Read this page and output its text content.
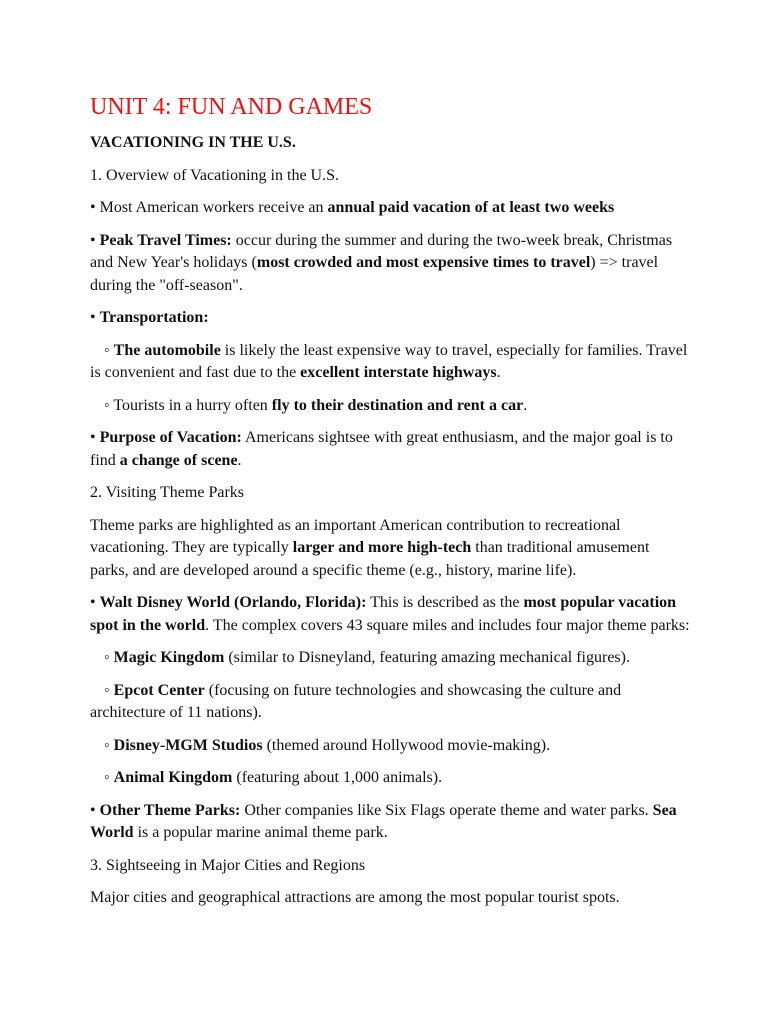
UNIT 4: FUN AND GAMES

VACATIONING IN THE U.S.

1. Overview of Vacationing in the U.S.

• Most American workers receive an annual paid vacation of at least two weeks

• Peak Travel Times: occur during the summer and during the two-week break, Christmas and New Year's holidays (most crowded and most expensive times to travel) => travel during the "off-season".

• Transportation:

◦ The automobile is likely the least expensive way to travel, especially for families. Travel is convenient and fast due to the excellent interstate highways.

◦ Tourists in a hurry often fly to their destination and rent a car.

• Purpose of Vacation: Americans sightsee with great enthusiasm, and the major goal is to find a change of scene.

2. Visiting Theme Parks

Theme parks are highlighted as an important American contribution to recreational vacationing. They are typically larger and more high-tech than traditional amusement parks, and are developed around a specific theme (e.g., history, marine life).

• Walt Disney World (Orlando, Florida): This is described as the most popular vacation spot in the world. The complex covers 43 square miles and includes four major theme parks:

◦ Magic Kingdom (similar to Disneyland, featuring amazing mechanical figures).

◦ Epcot Center (focusing on future technologies and showcasing the culture and architecture of 11 nations).

◦ Disney-MGM Studios (themed around Hollywood movie-making).

◦ Animal Kingdom (featuring about 1,000 animals).

• Other Theme Parks: Other companies like Six Flags operate theme and water parks. Sea World is a popular marine animal theme park.

3. Sightseeing in Major Cities and Regions

Major cities and geographical attractions are among the most popular tourist spots.
